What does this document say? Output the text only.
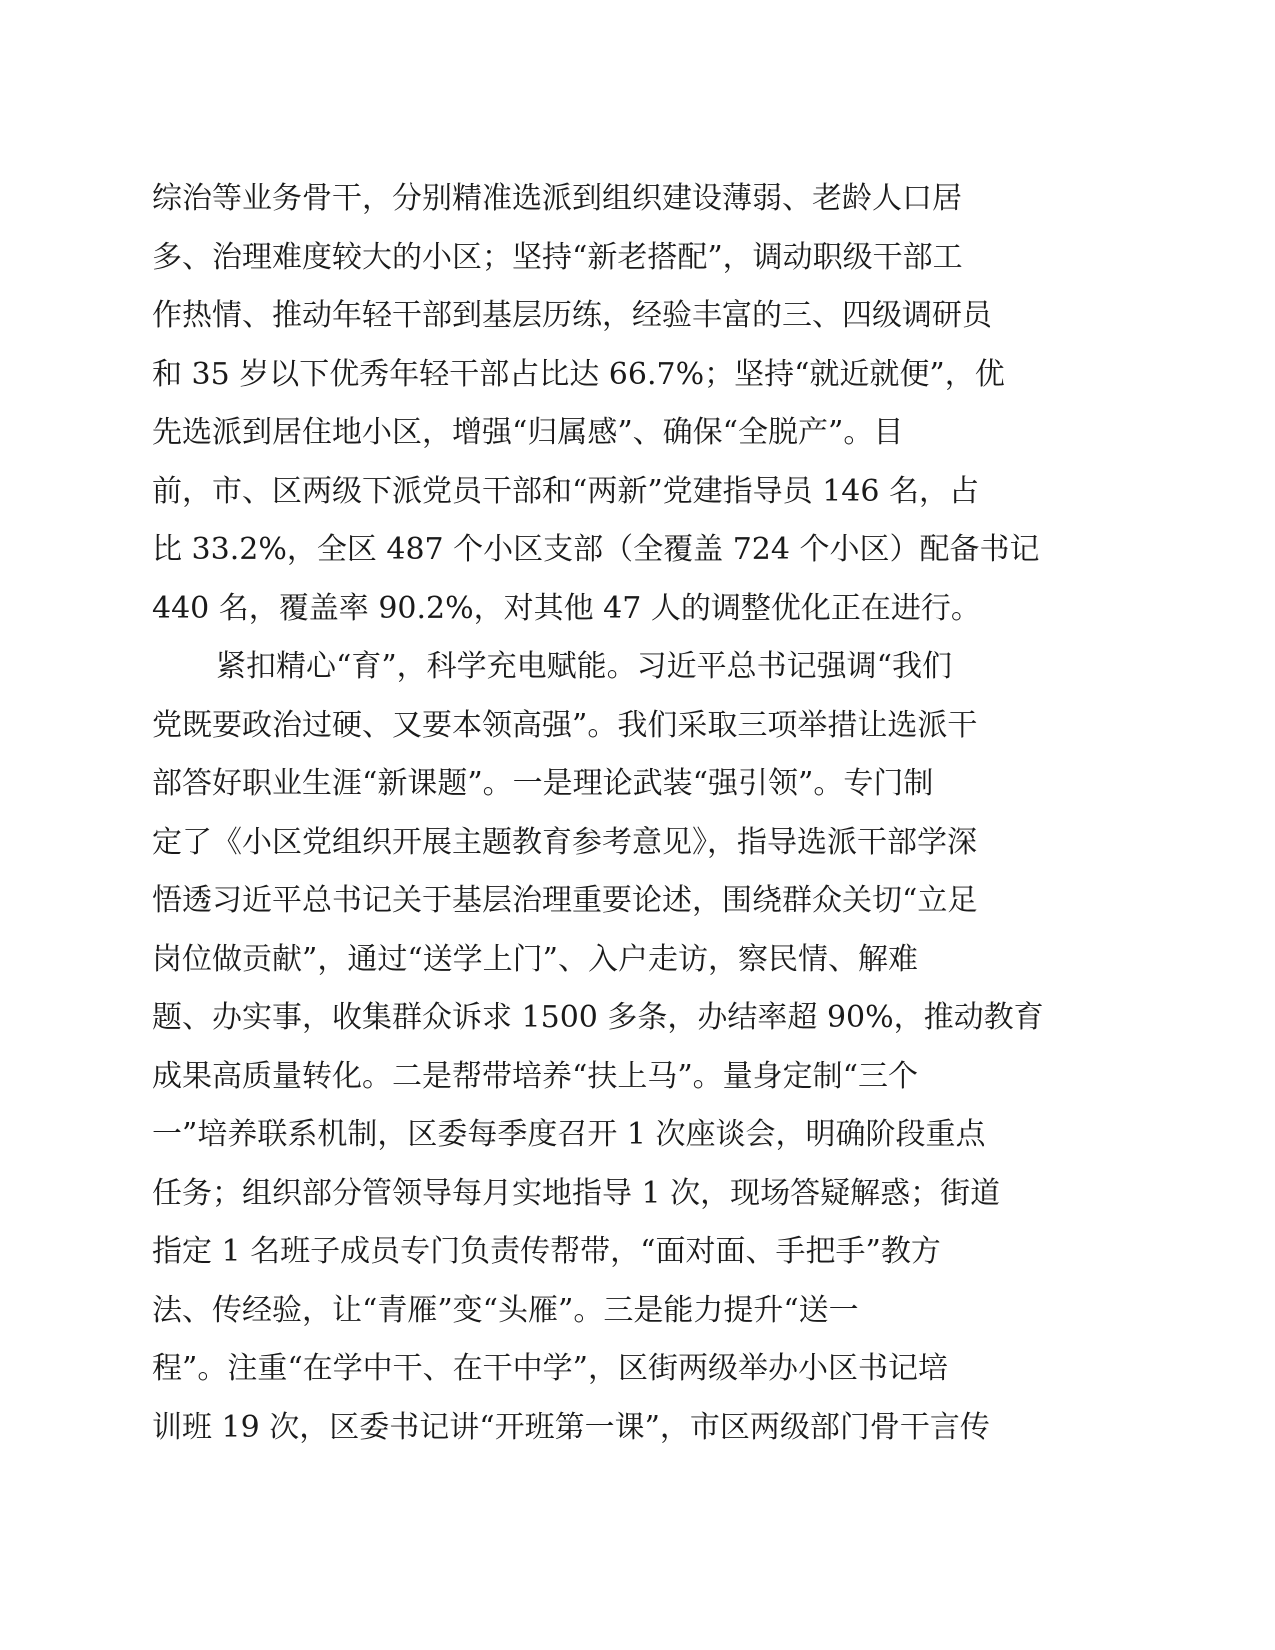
综治等业务骨干，分别精准选派到组织建设薄弱、老龄人口居
多、治理难度较大的小区；坚持“新老搭配”，调动职级干部工
作热情、推动年轻干部到基层历练，经验丰富的三、四级调研员
和 35 岁以下优秀年轻干部占比达 66.7%；坚持“就近就便”，优
先选派到居住地小区，增强“归属感”、确保“全脱产”。目
前，市、区两级下派党员干部和“两新”党建指导员 146 名，占
比 33.2%，全区 487 个小区支部（全覆盖 724 个小区）配备书记
440 名，覆盖率 90.2%，对其他 47 人的调整优化正在进行。
紧扣精心“育”，科学充电赋能。习近平总书记强调“我们
党既要政治过硬、又要本领高强”。我们采取三项举措让选派干
部答好职业生涯“新课题”。一是理论武装“强引领”。专门制
定了《小区党组织开展主题教育参考意见》，指导选派干部学深
悟透习近平总书记关于基层治理重要论述，围绕群众关切“立足
岗位做贡献”，通过“送学上门”、入户走访，察民情、解难
题、办实事，收集群众诉求 1500 多条，办结率超 90%，推动教育
成果高质量转化。二是帮带培养“扶上马”。量身定制“三个
一”培养联系机制，区委每季度召开 1 次座谈会，明确阶段重点
任务；组织部分管领导每月实地指导 1 次，现场答疑解惑；街道
指定 1 名班子成员专门负责传帮带，“面对面、手把手”教方
法、传经验，让“青雁”变“头雁”。三是能力提升“送一
程”。注重“在学中干、在干中学”，区街两级举办小区书记培
训班 19 次，区委书记讲“开班第一课”，市区两级部门骨干言传
